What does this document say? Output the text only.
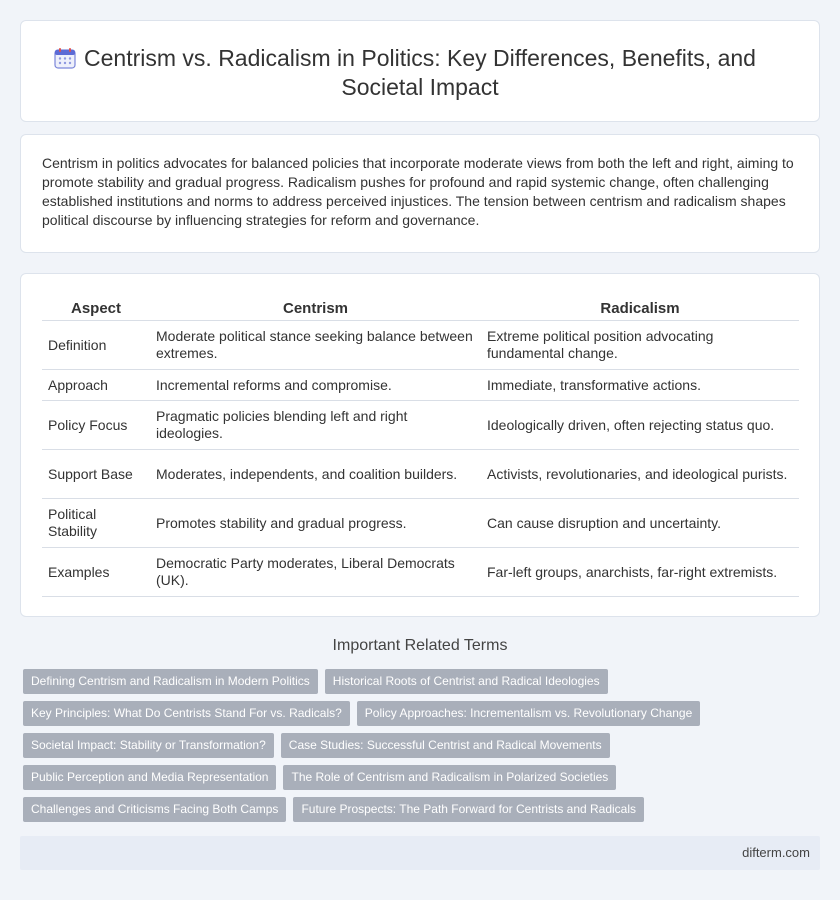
Centrism vs. Radicalism in Politics: Key Differences, Benefits, and Societal Impact

Centrism in politics advocates for balanced policies that incorporate moderate views from both the left and right, aiming to promote stability and gradual progress. Radicalism pushes for profound and rapid systemic change, often challenging established institutions and norms to address perceived injustices. The tension between centrism and radicalism shapes political discourse by influencing strategies for reform and governance.

Aspect	Centrism	Radicalism
Definition	Moderate political stance seeking balance between extremes.	Extreme political position advocating fundamental change.
Approach	Incremental reforms and compromise.	Immediate, transformative actions.
Policy Focus	Pragmatic policies blending left and right ideologies.	Ideologically driven, often rejecting status quo.
Support Base	Moderates, independents, and coalition builders.	Activists, revolutionaries, and ideological purists.
Political Stability	Promotes stability and gradual progress.	Can cause disruption and uncertainty.
Examples	Democratic Party moderates, Liberal Democrats (UK).	Far-left groups, anarchists, far-right extremists.
Important Related Terms
Defining Centrism and Radicalism in Modern Politics	Historical Roots of Centrist and Radical Ideologies
Key Principles: What Do Centrists Stand For vs. Radicals?	Policy Approaches: Incrementalism vs. Revolutionary Change
Societal Impact: Stability or Transformation?	Case Studies: Successful Centrist and Radical Movements
Public Perception and Media Representation	The Role of Centrism and Radicalism in Polarized Societies
Challenges and Criticisms Facing Both Camps	Future Prospects: The Path Forward for Centrists and Radicals
difterm.com
